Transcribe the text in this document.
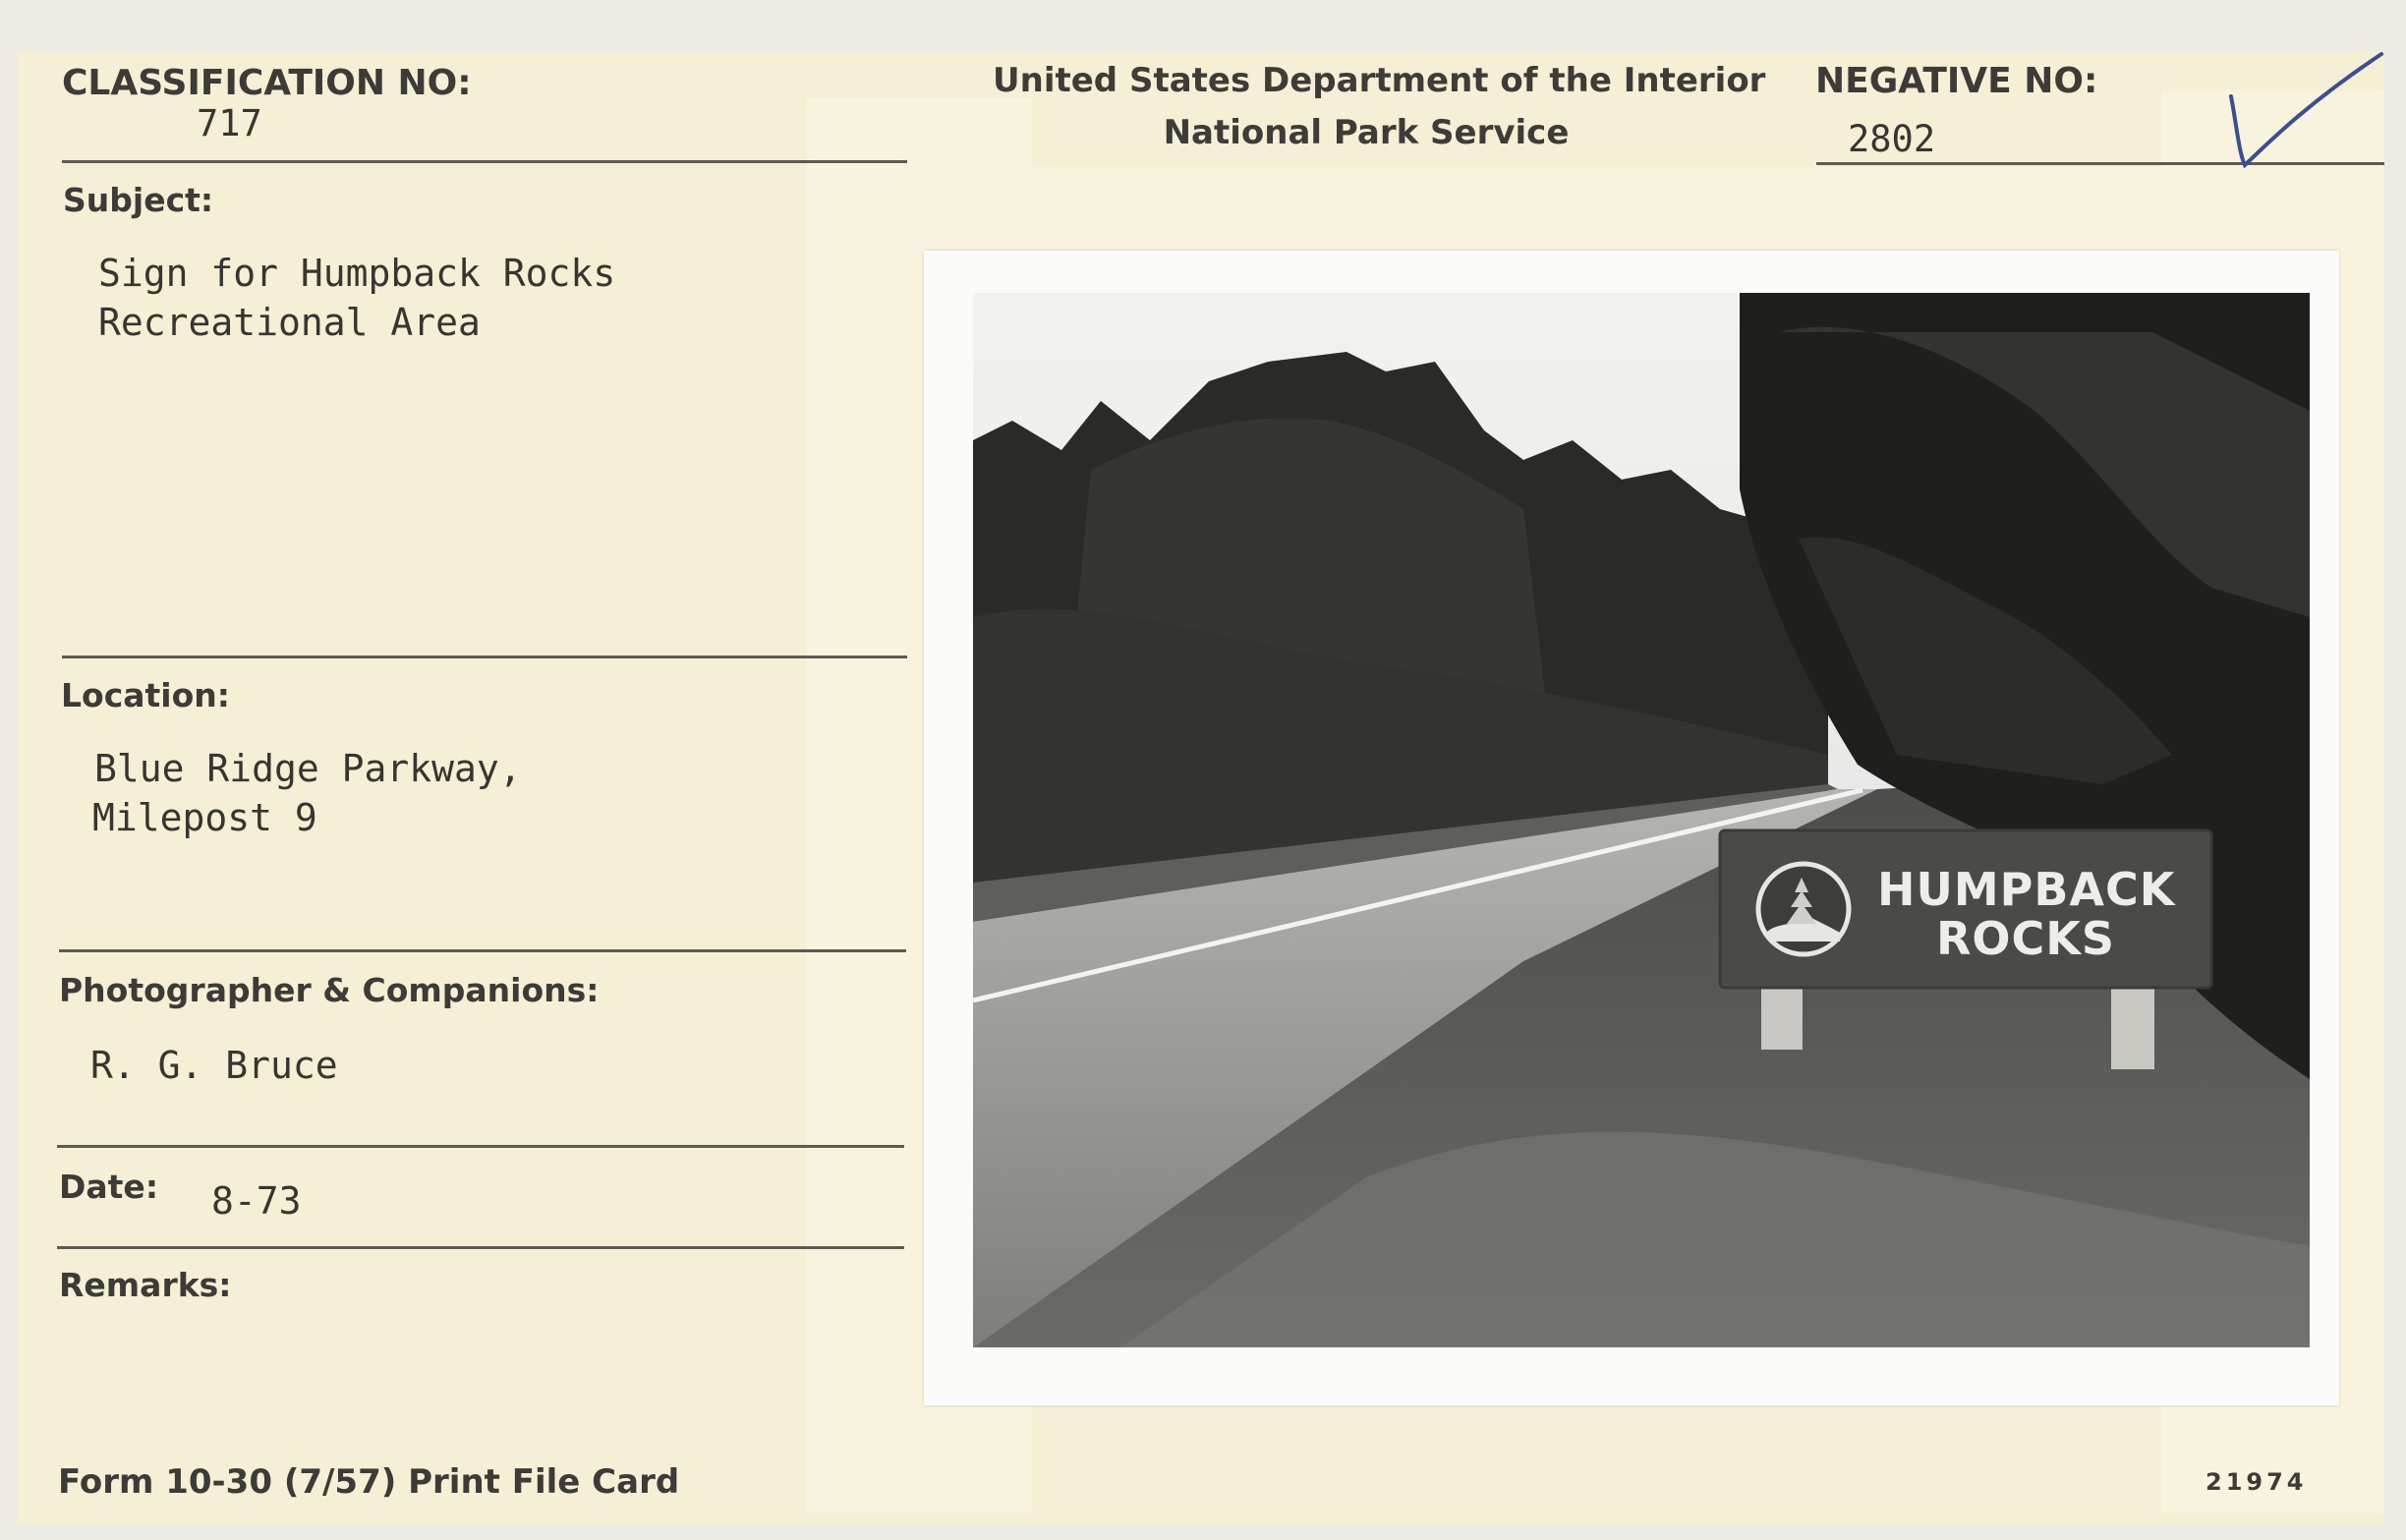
CLASSIFICATION NO:
717
United States Department of the Interior
National Park Service
NEGATIVE NO:
2802
Subject:
Sign for Humpback Rocks
Recreational Area
Location:
Blue Ridge Parkway,
Milepost 9
Photographer & Companions:
R. G. Bruce
Date: 8-73
Remarks:
Form 10-30 (7/57) Print File Card	21974
HUMPBACK
ROCKS
